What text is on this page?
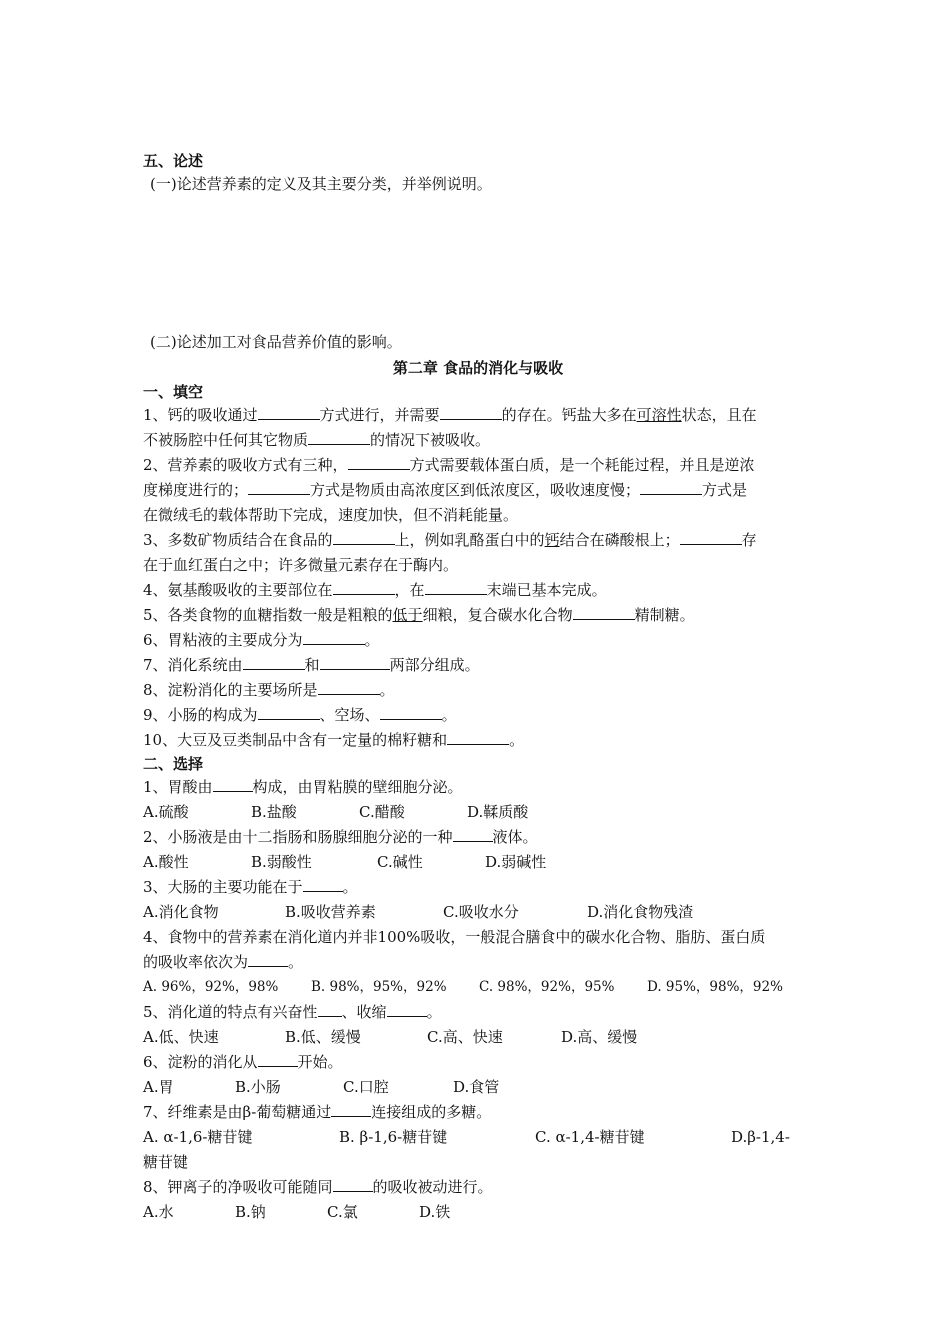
五、论述
(一)论述营养素的定义及其主要分类，并举例说明。
(二)论述加工对食品营养价值的影响。
第二章 食品的消化与吸收
一、填空
1、钙的吸收通过	方式进行，并需要	的存在。钙盐大多在可溶性状态，且在
不被肠腔中任何其它物质	的情况下被吸收。
2、营养素的吸收方式有三种，	方式需要载体蛋白质，是一个耗能过程，并且是逆浓
度梯度进行的；	方式是物质由高浓度区到低浓度区，吸收速度慢；	方式是
在微绒毛的载体帮助下完成，速度加快，但不消耗能量。
3、多数矿物质结合在食品的	上，例如乳酪蛋白中的钙结合在磷酸根上；	存
在于血红蛋白之中；许多微量元素存在于酶内。
4、氨基酸吸收的主要部位在	，在	末端已基本完成。
5、各类食物的血糖指数一般是粗粮的低于细粮，复合碳水化合物	精制糖。
6、胃粘液的主要成分为	。
7、消化系统由	和	两部分组成。
8、淀粉消化的主要场所是	。
9、小肠的构成为	、空场、	。
10、大豆及豆类制品中含有一定量的棉籽糖和	。
二、选择
1、胃酸由	构成，由胃粘膜的壁细胞分泌。
A.硫酸	B.盐酸	C.醋酸	D.鞣质酸
2、小肠液是由十二指肠和肠腺细胞分泌的一种	液体。
A.酸性	B.弱酸性	C.碱性	D.弱碱性
3、大肠的主要功能在于	。
A.消化食物	B.吸收营养素	C.吸收水分	D.消化食物残渣
4、食物中的营养素在消化道内并非100%吸收，一般混合膳食中的碳水化合物、脂肪、蛋白质
的吸收率依次为	。
A. 96%，92%，98% B. 98%，95%，92% C. 98%，92%，95% D. 95%，98%，92%
5、消化道的特点有兴奋性 、收缩	。
A.低、快速	B.低、缓慢	C.高、快速	D.高、缓慢
6、淀粉的消化从	开始。
A.胃	B.小肠	C.口腔	D.食管
7、纤维素是由β-葡萄糖通过	连接组成的多糖。
A. α-1,6-糖苷键	B. β-1,6-糖苷键	C. α-1,4-糖苷键	D.β-1,4-
糖苷键
8、钾离子的净吸收可能随同	的吸收被动进行。
A.水	B.钠	C.氯	D.铁
